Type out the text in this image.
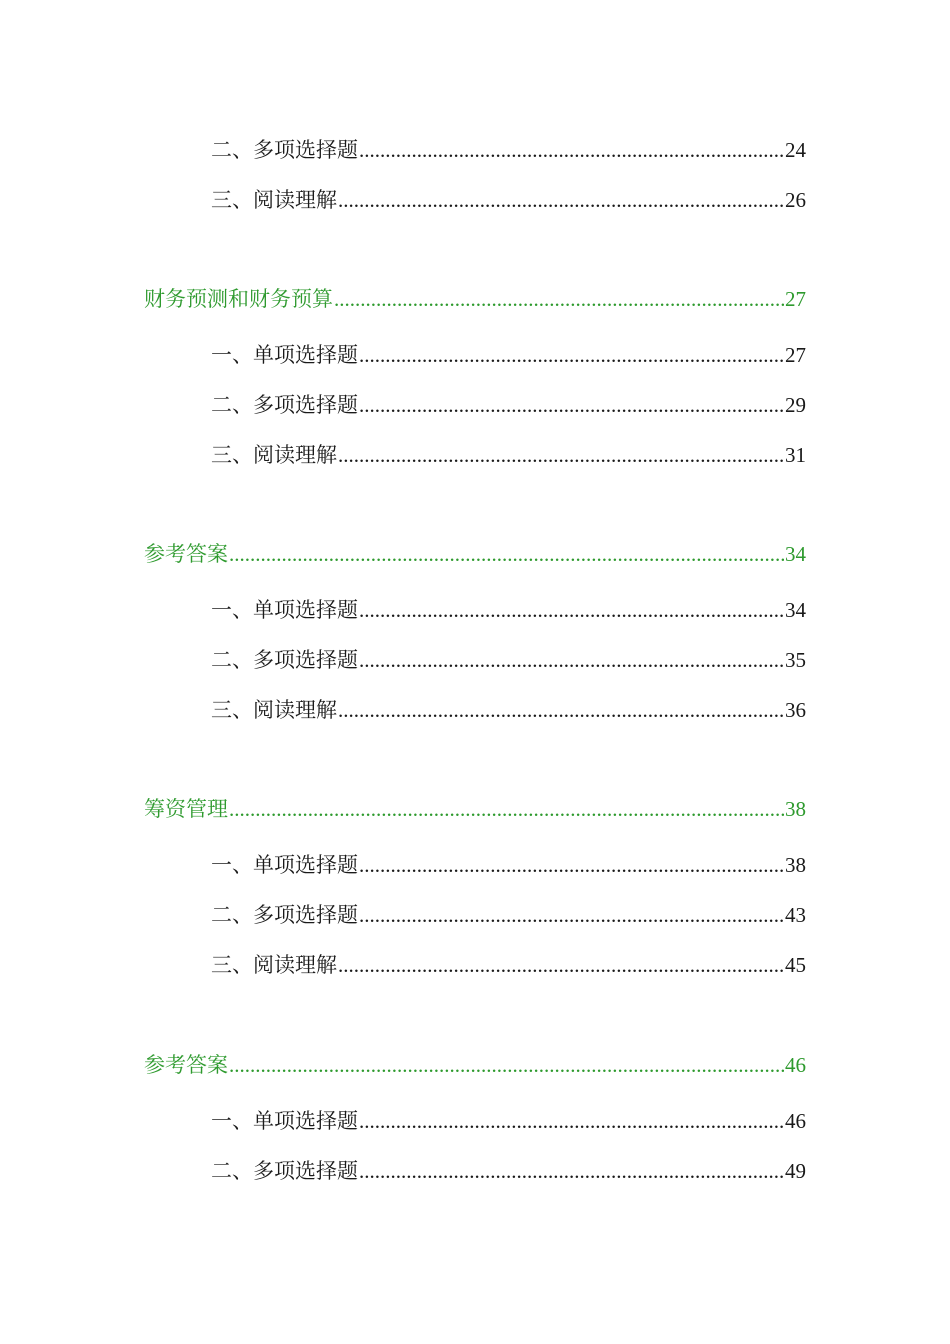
二、多项选择题 .....	24
三、阅读理解 .....	26
财务预测和财务预算 .....	27
一、单项选择题 .....	27
二、多项选择题 .....	29
三、阅读理解 .....	31
参考答案 .....	34
一、单项选择题 .....	34
二、多项选择题 .....	35
三、阅读理解 .....	36
筹资管理 .....	38
一、单项选择题 .....	38
二、多项选择题 .....	43
三、阅读理解 .....	45
参考答案 .....	46
一、单项选择题 .....	46
二、多项选择题 .....	49
